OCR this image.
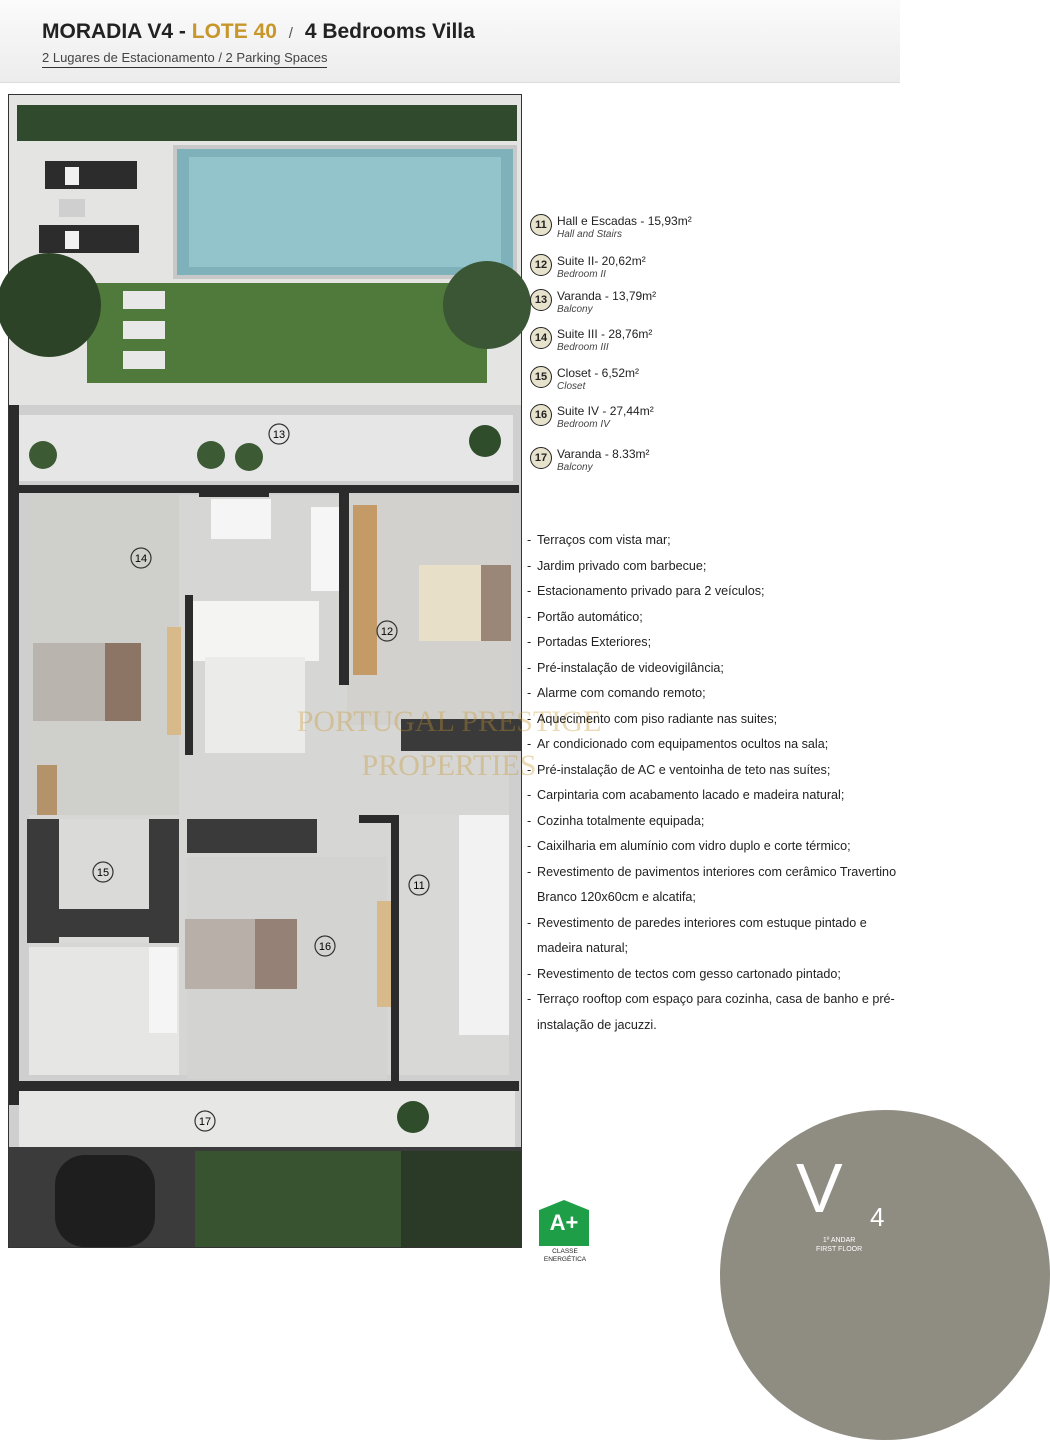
MORADIA V4 - LOTE 40 / 4 Bedrooms Villa
2 Lugares de Estacionamento / 2 Parking Spaces
13
14
12
15
11
16
17
PORTUGAL PRESTIGE
PROPERTIES
11 Hall e Escadas - 15,93m²
Hall and Stairs
12 Suite II- 20,62m²
Bedroom II
13 Varanda - 13,79m²
Balcony
14 Suite III - 28,76m²
Bedroom III
15 Closet - 6,52m²
Closet
16 Suite IV - 27,44m²
Bedroom IV
17 Varanda - 8.33m²
Balcony
- Terraços com vista mar;
- Jardim privado com barbecue;
- Estacionamento privado para 2 veículos;
- Portão automático;
- Portadas Exteriores;
- Pré-instalação de videovigilância;
- Alarme com comando remoto;
- Aquecimento com piso radiante nas suites;
- Ar condicionado com equipamentos ocultos na sala;
- Pré-instalação de AC e ventoinha de teto nas suítes;
- Carpintaria com acabamento lacado e madeira natural;
- Cozinha totalmente equipada;
- Caixilharia em alumínio com vidro duplo e corte térmico;
- Revestimento de pavimentos interiores com cerâmico Travertino Branco 120x60cm e alcatifa;
- Revestimento de paredes interiores com estuque pintado e madeira natural;
- Revestimento de tectos com gesso cartonado pintado;
- Terraço rooftop com espaço para cozinha, casa de banho e pré-instalação de jacuzzi.
A+
CLASSE
ENERGÉTICA
V 4
1º ANDAR
FIRST FLOOR
